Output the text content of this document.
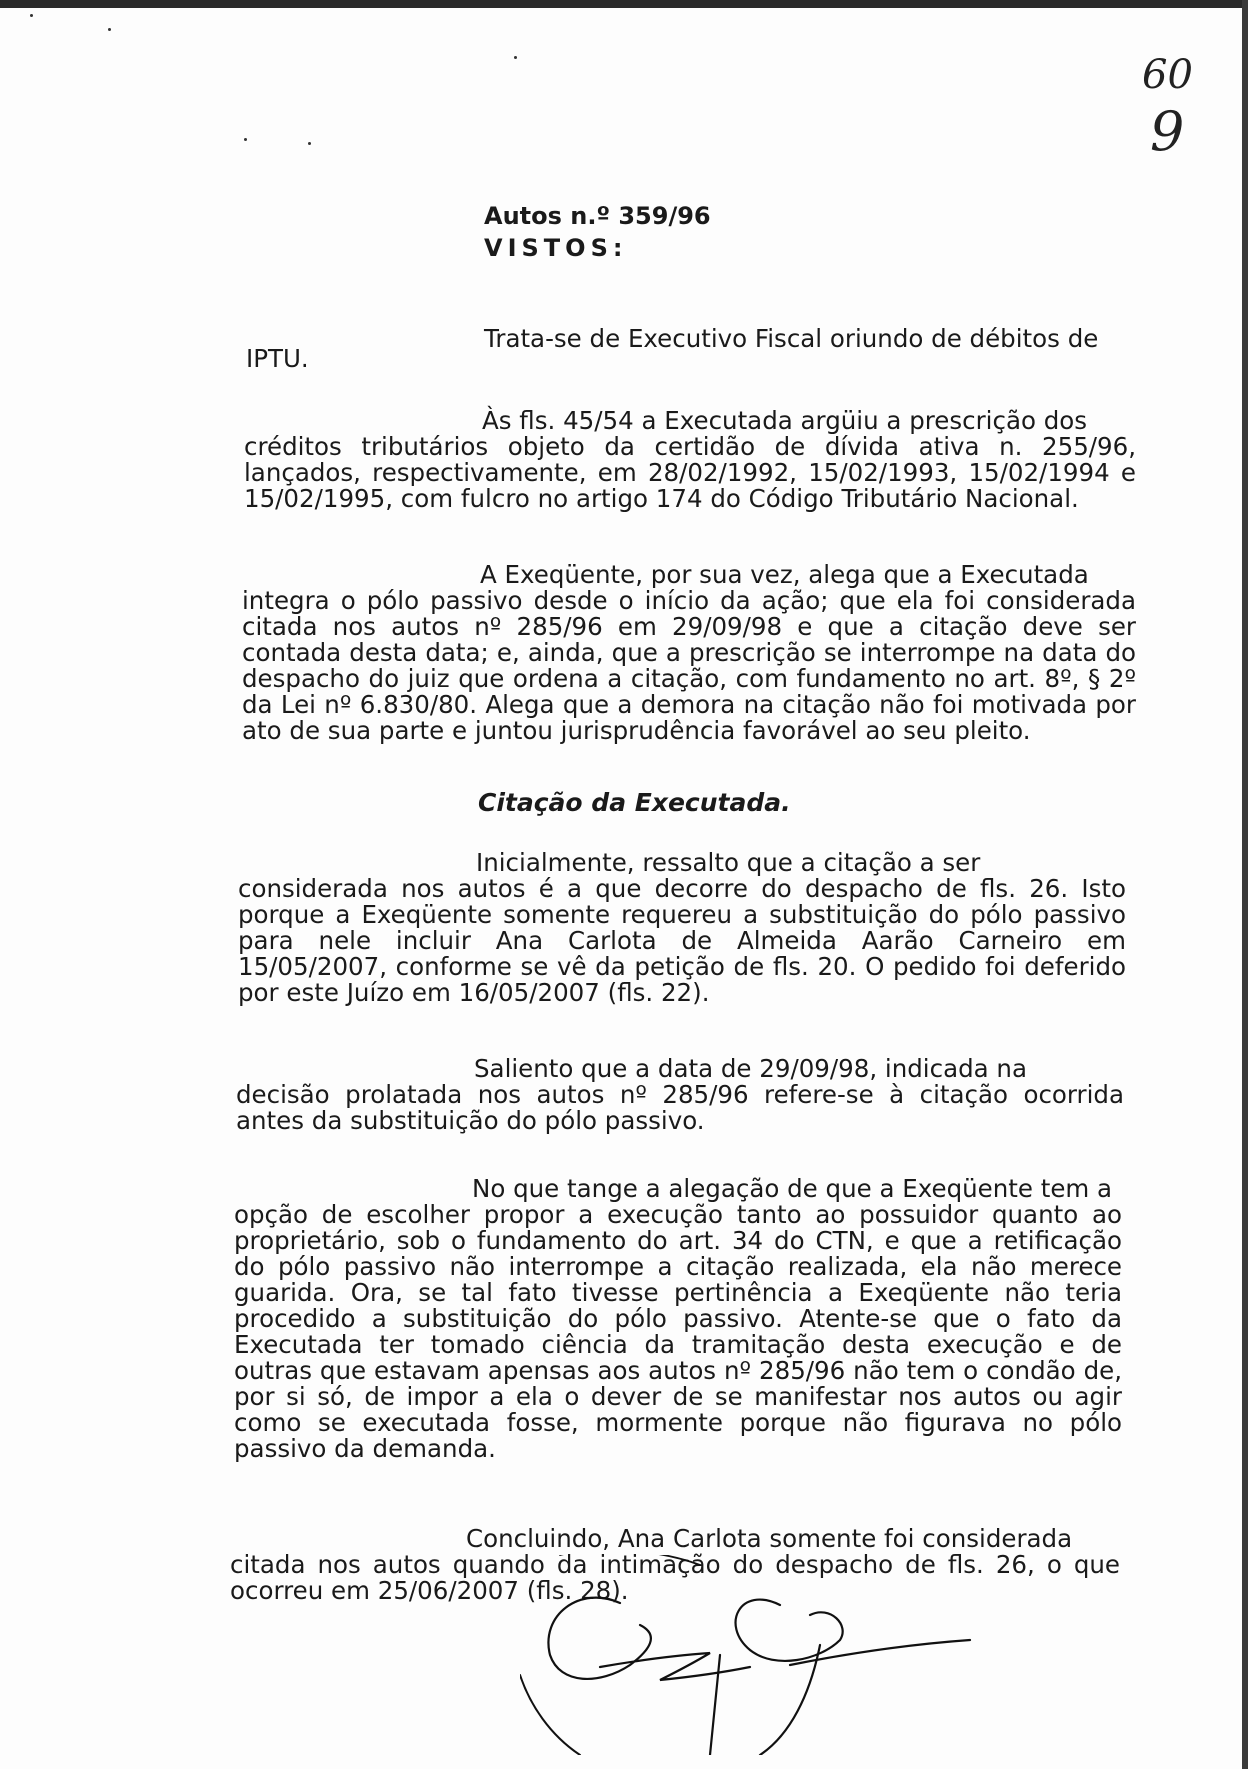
60
9
Autos n.º 359/96
VISTOS:
Trata-se de Executivo Fiscal oriundo de débitos de
IPTU.
Às fls. 45/54 a Executada argüiu a prescrição dos
créditos tributários objeto da certidão de dívida ativa n. 255/96, lançados, respectivamente, em 28/02/1992, 15/02/1993, 15/02/1994 e 15/02/1995, com fulcro no artigo 174 do Código Tributário Nacional.
A Exeqüente, por sua vez, alega que a Executada
integra o pólo passivo desde o início da ação; que ela foi considerada citada nos autos nº 285/96 em 29/09/98 e que a citação deve ser contada desta data; e, ainda, que a prescrição se interrompe na data do despacho do juiz que ordena a citação, com fundamento no art. 8º, § 2º da Lei nº 6.830/80. Alega que a demora na citação não foi motivada por ato de sua parte e juntou jurisprudência favorável ao seu pleito.
Citação da Executada.
Inicialmente, ressalto que a citação a ser
considerada nos autos é a que decorre do despacho de fls. 26. Isto porque a Exeqüente somente requereu a substituição do pólo passivo para nele incluir Ana Carlota de Almeida Aarão Carneiro em 15/05/2007, conforme se vê da petição de fls. 20. O pedido foi deferido por este Juízo em 16/05/2007 (fls. 22).
Saliento que a data de 29/09/98, indicada na
decisão prolatada nos autos nº 285/96 refere-se à citação ocorrida antes da substituição do pólo passivo.
No que tange a alegação de que a Exeqüente tem a
opção de escolher propor a execução tanto ao possuidor quanto ao proprietário, sob o fundamento do art. 34 do CTN, e que a retificação do pólo passivo não interrompe a citação realizada, ela não merece guarida. Ora, se tal fato tivesse pertinência a Exeqüente não teria procedido a substituição do pólo passivo. Atente-se que o fato da Executada ter tomado ciência da tramitação desta execução e de outras que estavam apensas aos autos nº 285/96 não tem o condão de, por si só, de impor a ela o dever de se manifestar nos autos ou agir como se executada fosse, mormente porque não figurava no pólo passivo da demanda.
Concluindo, Ana Carlota somente foi considerada
citada nos autos quando da intimação do despacho de fls. 26, o que ocorreu em 25/06/2007 (fls. 28).
